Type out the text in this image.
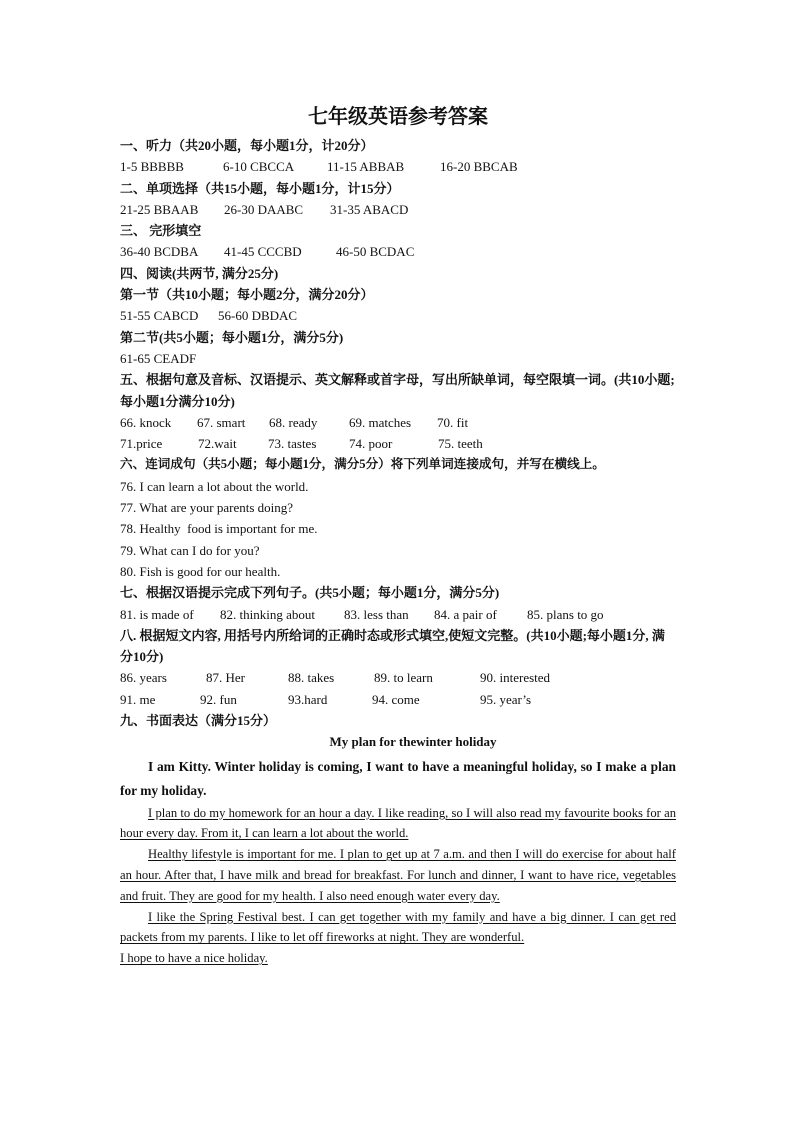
七年级英语参考答案
一、听力（共20小题，每小题1分，计20分）
1-5 BBBBB	6-10 CBCCA	11-15 ABBAB	16-20 BBCAB
二、单项选择（共15小题，每小题1分，计15分）
21-25 BBAAB 26-30 DAABC 31-35 ABACD
三、 完形填空
36-40 BCDBA 41-45 CCCBD	46-50 BCDAC
四、阅读(共两节, 满分25分)
第一节（共10小题；每小题2分，满分20分）
51-55 CABCD 56-60 DBDAC
第二节(共5小题；每小题1分，满分5分)
61-65 CEADF
五、根据句意及音标、汉语提示、英文解释或首字母，写出所缺单词，每空限填一词。(共10小题;每小题1分满分10分)
66. knock 67. smart 68. ready 69. matches 70. fit
71.price	72.wait 73. tastes	74. poor	75. teeth
六、连词成句（共5小题；每小题1分，满分5分）将下列单词连接成句，并写在横线上。
76. I can learn a lot about the world.
77. What are your parents doing?
78. Healthy  food is important for me.
79. What can I do for you?
80. Fish is good for our health.
七、根据汉语提示完成下列句子。(共5小题；每小题1分，满分5分)
81. is made of 82. thinking about 83. less than 84. a pair of 85. plans to go
八. 根据短文内容, 用括号内所给词的正确时态或形式填空,使短文完整。(共10小题;每小题1分, 满分10分)
86. years	87. Her	88. takes	89. to learn	90. interested
91. me	92. fun	93.hard	94. come	95. year’s
九、书面表达（满分15分）
My plan for thewinter holiday
I am Kitty. Winter holiday is coming, I want to have a meaningful holiday, so I make a plan for my holiday.
I plan to do my homework for an hour a day. I like reading, so I will also read my favourite books for an hour every day. From it, I can learn a lot about the world.
Healthy lifestyle is important for me. I plan to get up at 7 a.m. and then I will do exercise for about half an hour. After that, I have milk and bread for breakfast. For lunch and dinner, I want to have rice, vegetables and fruit. They are good for my health. I also need enough water every day.
I like the Spring Festival best. I can get together with my family and have a big dinner. I can get red packets from my parents. I like to let off fireworks at night. They are wonderful.
I hope to have a nice holiday.
